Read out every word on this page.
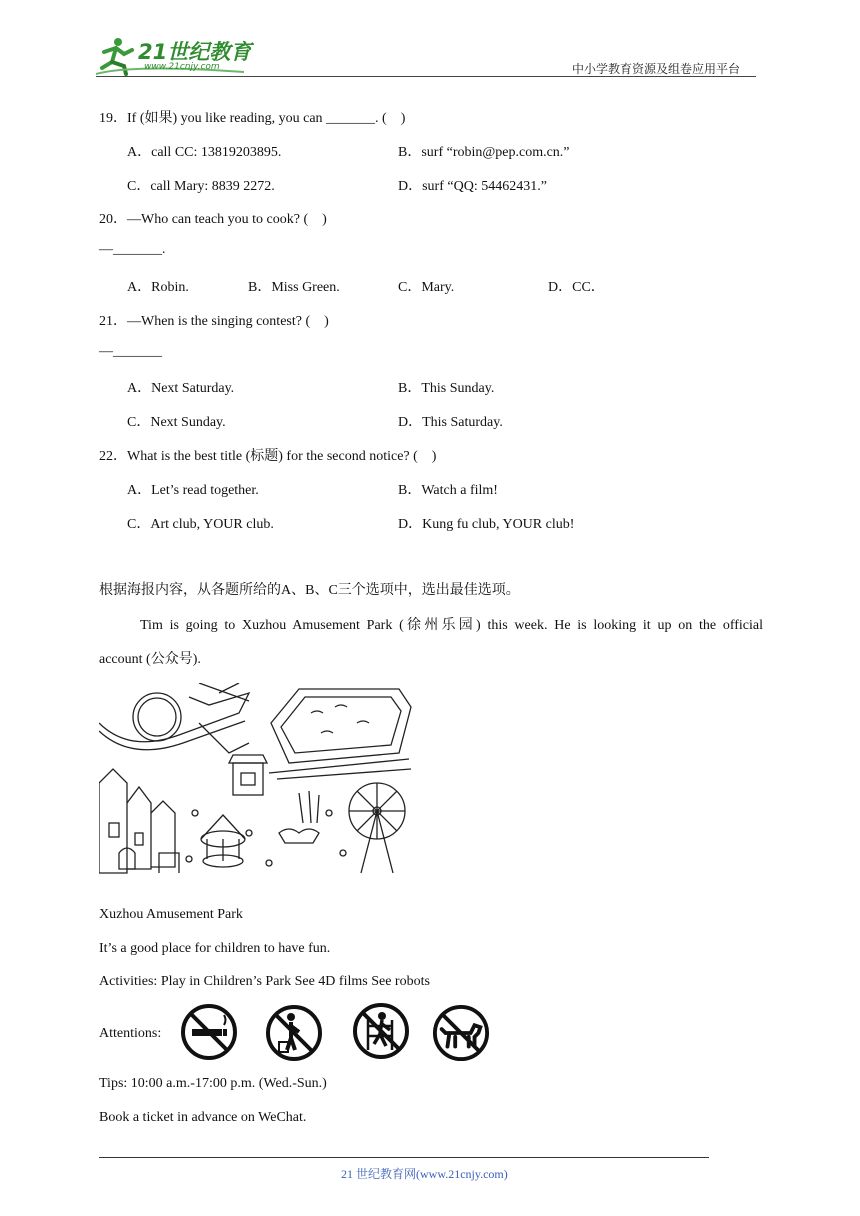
21世纪教育
www.21cnjy.com	中小学教育资源及组卷应用平台
19．If (如果) you like reading, you can _______. (　)
A．call CC: 13819203895.	B．surf “robin@pep.com.cn.”
C．call Mary: 8839 2272.	D．surf “QQ: 54462431.”
20．—Who can teach you to cook? (　)
—_______.
A．Robin.	B．Miss Green.	C．Mary.	D．CC．
21．—When is the singing contest? (　)
—_______
A．Next Saturday.	B．This Sunday.
C．Next Sunday.	D．This Saturday.
22．What is the best title (标题) for the second notice? (　)
A．Let’s read together.	B．Watch a film!
C．Art club, YOUR club.	D．Kung fu club, YOUR club!
根据海报内容，从各题所给的A、B、C三个选项中，选出最佳选项。
Tim is going to Xuzhou Amusement Park (徐州乐园) this week. He is looking it up on the official
account (公众号).
Xuzhou Amusement Park
It’s a good place for children to have fun.
Activities: Play in Children’s Park See 4D films See robots
Attentions:
Tips: 10:00 a.m.-17:00 p.m. (Wed.-Sun.)
Book a ticket in advance on WeChat.
21 世纪教育网(www.21cnjy.com)
